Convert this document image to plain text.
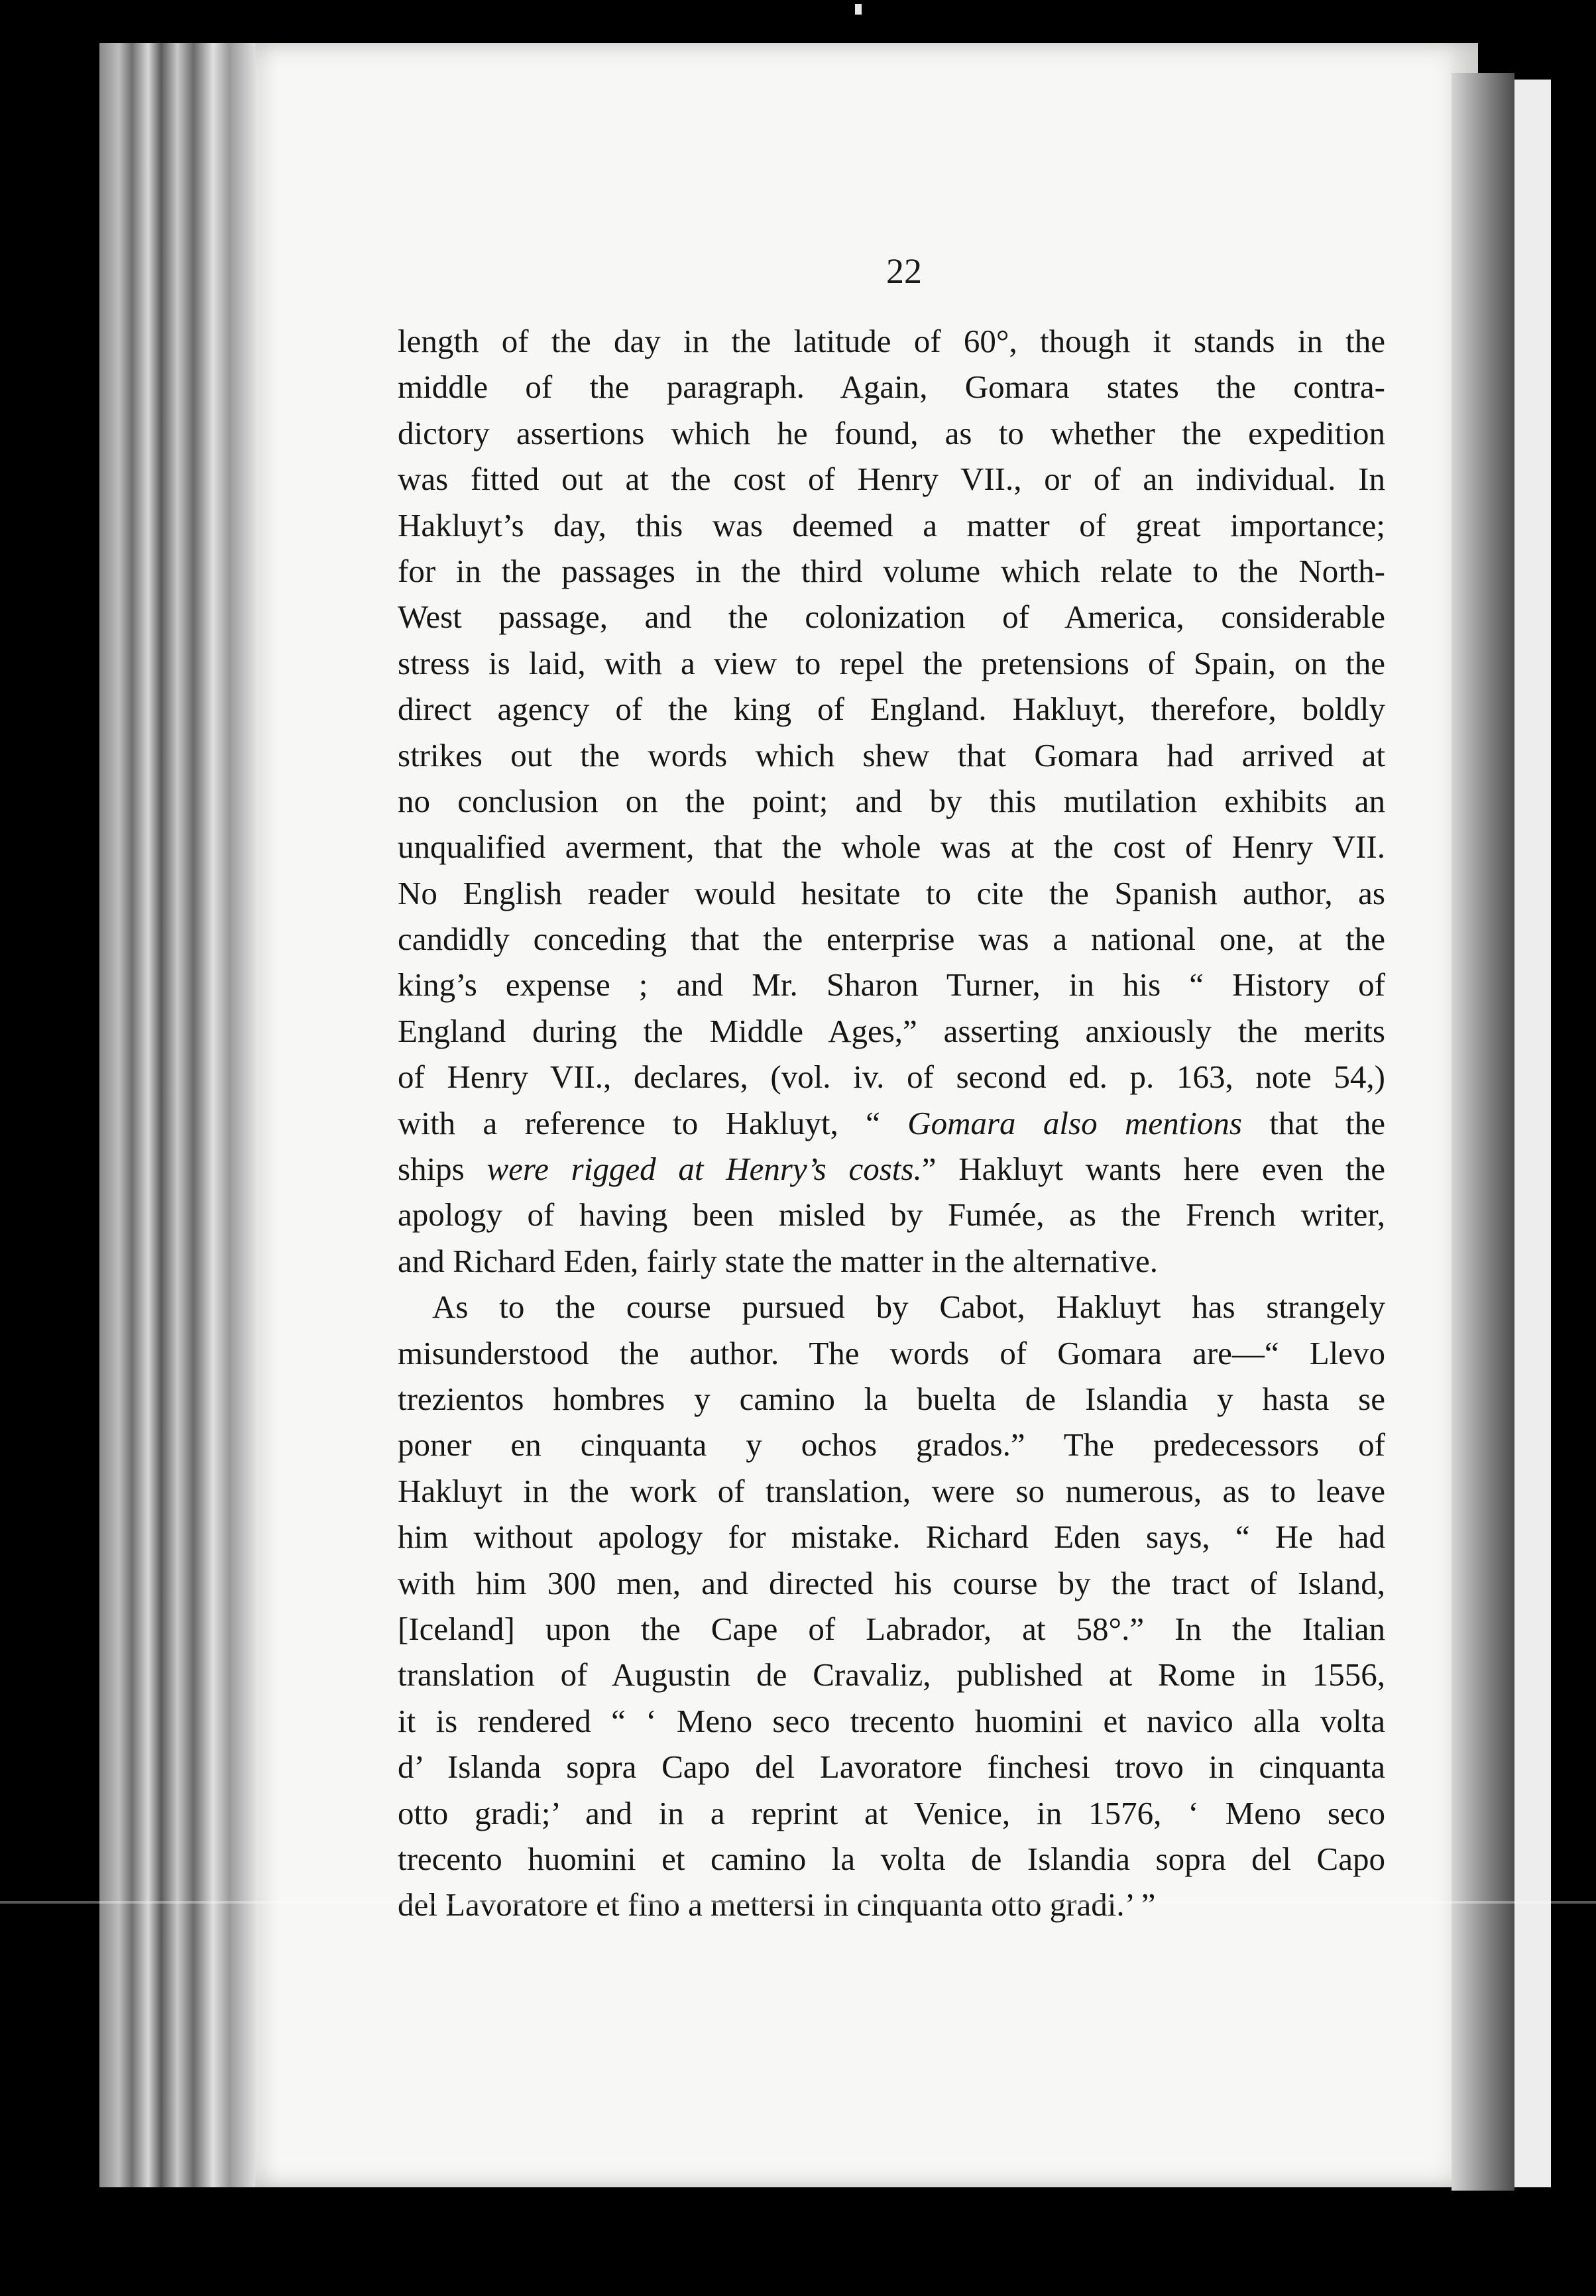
22
length of the day in the latitude of 60°, though it stands in the
middle of the paragraph. Again, Gomara states the contra-
dictory assertions which he found, as to whether the expedition
was fitted out at the cost of Henry VII., or of an individual. In
Hakluyt’s day, this was deemed a matter of great importance;
for in the passages in the third volume which relate to the North-
West passage, and the colonization of America, considerable
stress is laid, with a view to repel the pretensions of Spain, on the
direct agency of the king of England. Hakluyt, therefore, boldly
strikes out the words which shew that Gomara had arrived at
no conclusion on the point; and by this mutilation exhibits an
unqualified averment, that the whole was at the cost of Henry VII.
No English reader would hesitate to cite the Spanish author, as
candidly conceding that the enterprise was a national one, at the
king’s expense ; and Mr. Sharon Turner, in his “ History of
England during the Middle Ages,” asserting anxiously the merits
of Henry VII., declares, (vol. iv. of second ed. p. 163, note 54,)
with a reference to Hakluyt, “ Gomara also mentions that the
ships were rigged at Henry’s costs.” Hakluyt wants here even the
apology of having been misled by Fumée, as the French writer,
and Richard Eden, fairly state the matter in the alternative.
As to the course pursued by Cabot, Hakluyt has strangely
misunderstood the author. The words of Gomara are—“ Llevo
trezientos hombres y camino la buelta de Islandia y hasta se
poner en cinquanta y ochos grados.” The predecessors of
Hakluyt in the work of translation, were so numerous, as to leave
him without apology for mistake. Richard Eden says, “ He had
with him 300 men, and directed his course by the tract of Island,
[Iceland] upon the Cape of Labrador, at 58°.” In the Italian
translation of Augustin de Cravaliz, published at Rome in 1556,
it is rendered “ ‘ Meno seco trecento huomini et navico alla volta
d’ Islanda sopra Capo del Lavoratore finchesi trovo in cinquanta
otto gradi;’ and in a reprint at Venice, in 1576, ‘ Meno seco
trecento huomini et camino la volta de Islandia sopra del Capo
del Lavoratore et fino a mettersi in cinquanta otto gradi.’ ”
